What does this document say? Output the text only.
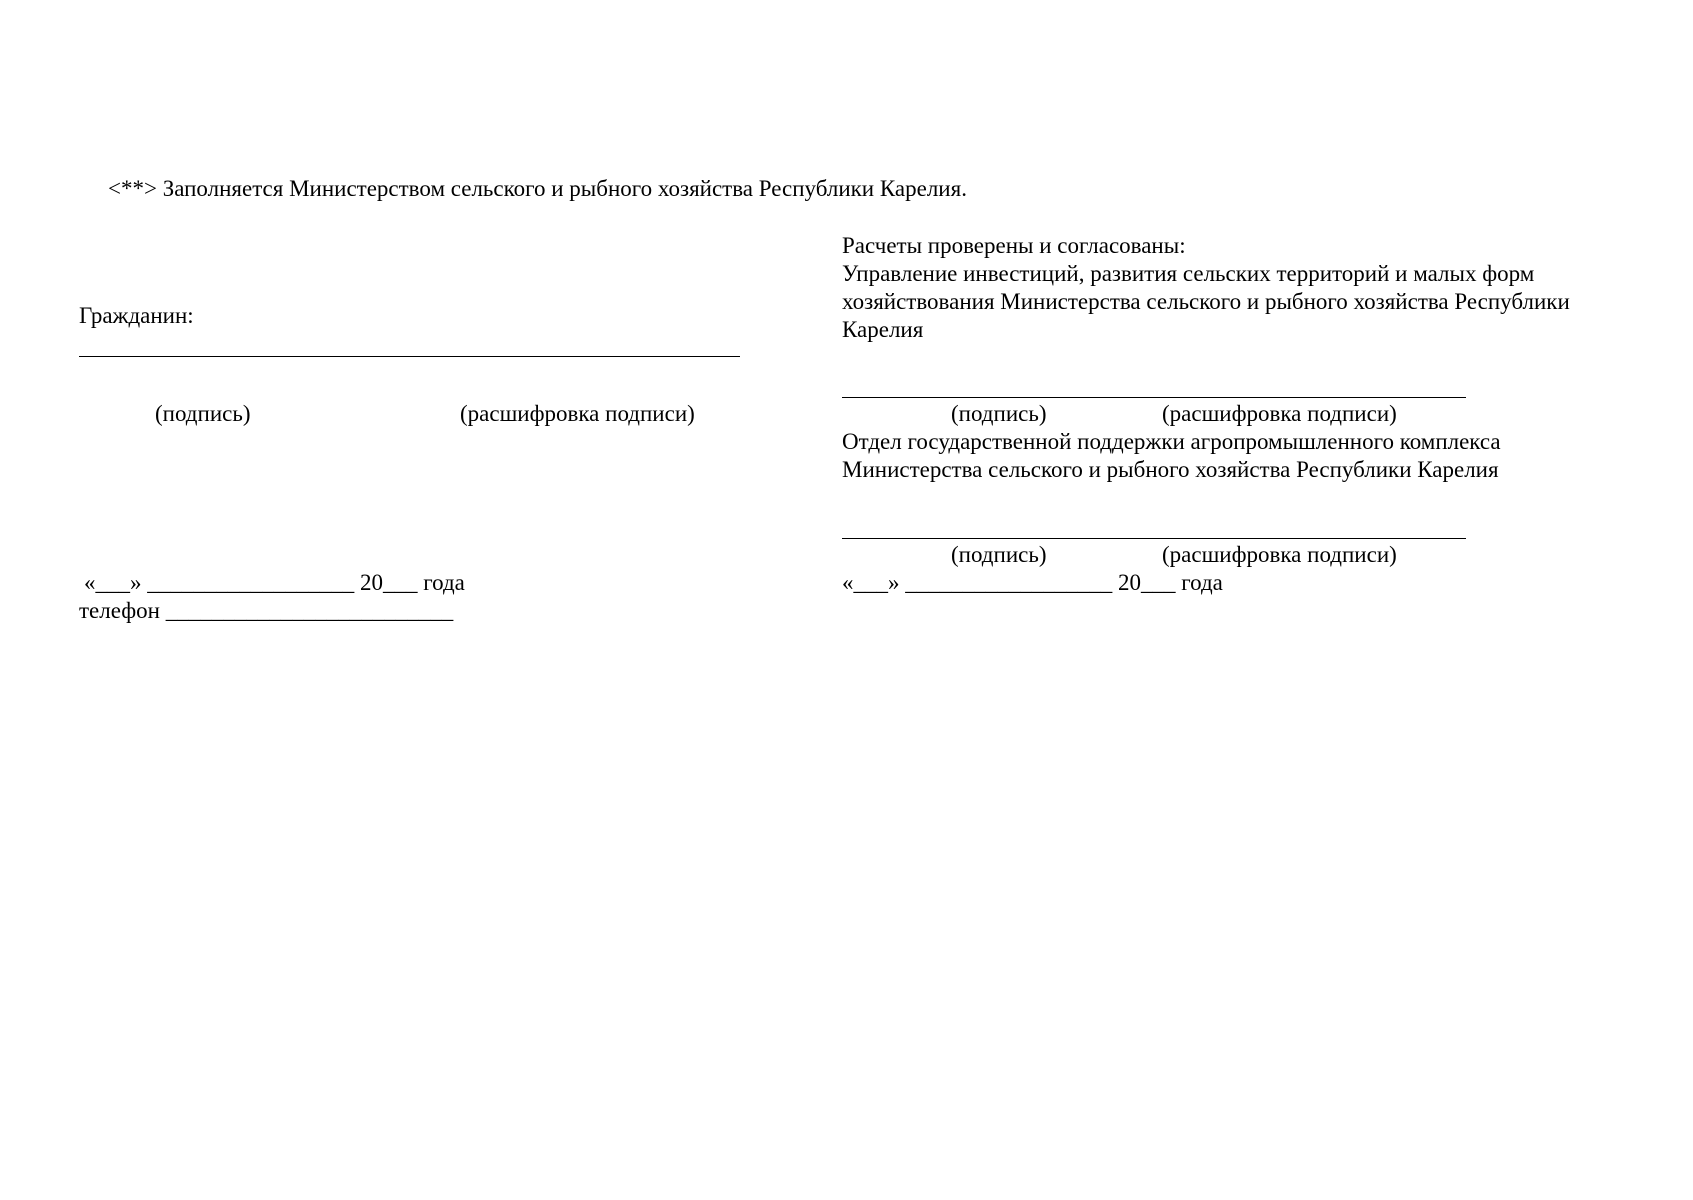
<**> Заполняется Министерством сельского и рыбного хозяйства Республики Карелия.
Гражданин:
(подпись)	(расшифровка подписи)
«___» __________________ 20___ года
телефон _________________________
Расчеты проверены и согласованы:
Управление инвестиций, развития сельских территорий и малых форм
хозяйствования Министерства сельского и рыбного хозяйства Республики
Карелия
(подпись)	(расшифровка подписи)
Отдел государственной поддержки агропромышленного комплекса
Министерства сельского и рыбного хозяйства Республики Карелия
(подпись)	(расшифровка подписи)
«___» __________________ 20___ года
